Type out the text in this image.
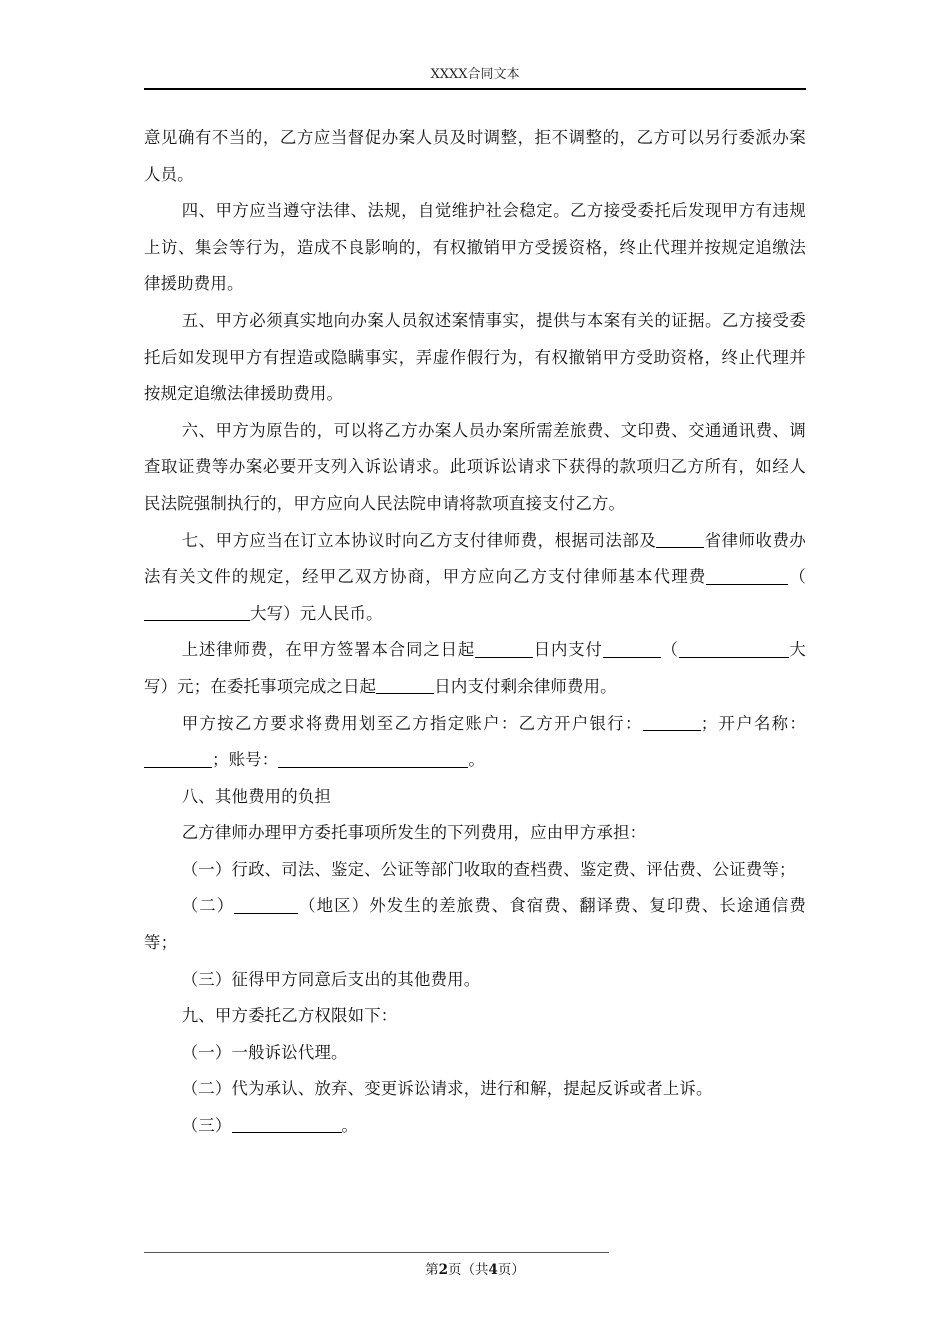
XXXX合同文本

意见确有不当的，乙方应当督促办案人员及时调整，拒不调整的，乙方可以另行委派办案人员。

四、甲方应当遵守法律、法规，自觉维护社会稳定。乙方接受委托后发现甲方有违规上访、集会等行为，造成不良影响的，有权撤销甲方受援资格，终止代理并按规定追缴法律援助费用。

五、甲方必须真实地向办案人员叙述案情事实，提供与本案有关的证据。乙方接受委托后如发现甲方有捏造或隐瞒事实，弄虚作假行为，有权撤销甲方受助资格，终止代理并按规定追缴法律援助费用。

六、甲方为原告的，可以将乙方办案人员办案所需差旅费、文印费、交通通讯费、调查取证费等办案必要开支列入诉讼请求。此项诉讼请求下获得的款项归乙方所有，如经人民法院强制执行的，甲方应向人民法院申请将款项直接支付乙方。

七、甲方应当在订立本协议时向乙方支付律师费，根据司法部及	省律师收费办法有关文件的规定，经甲乙双方协商，甲方应向乙方支付律师基本代理费	（大写）元人民币。

上述律师费，在甲方签署本合同之日起	日内支付	（	大写）元；在委托事项完成之日起	日内支付剩余律师费用。

甲方按乙方要求将费用划至乙方指定账户：乙方开户银行：	；开户名称：；账号：	。

八、其他费用的负担

乙方律师办理甲方委托事项所发生的下列费用，应由甲方承担：

（一）行政、司法、鉴定、公证等部门收取的查档费、鉴定费、评估费、公证费等；

（二）	（地区）外发生的差旅费、食宿费、翻译费、复印费、长途通信费等；

（三）征得甲方同意后支出的其他费用。

九、甲方委托乙方权限如下：

（一）一般诉讼代理。

（二）代为承认、放弃、变更诉讼请求，进行和解，提起反诉或者上诉。

（三）	。

第2页（共4页）
